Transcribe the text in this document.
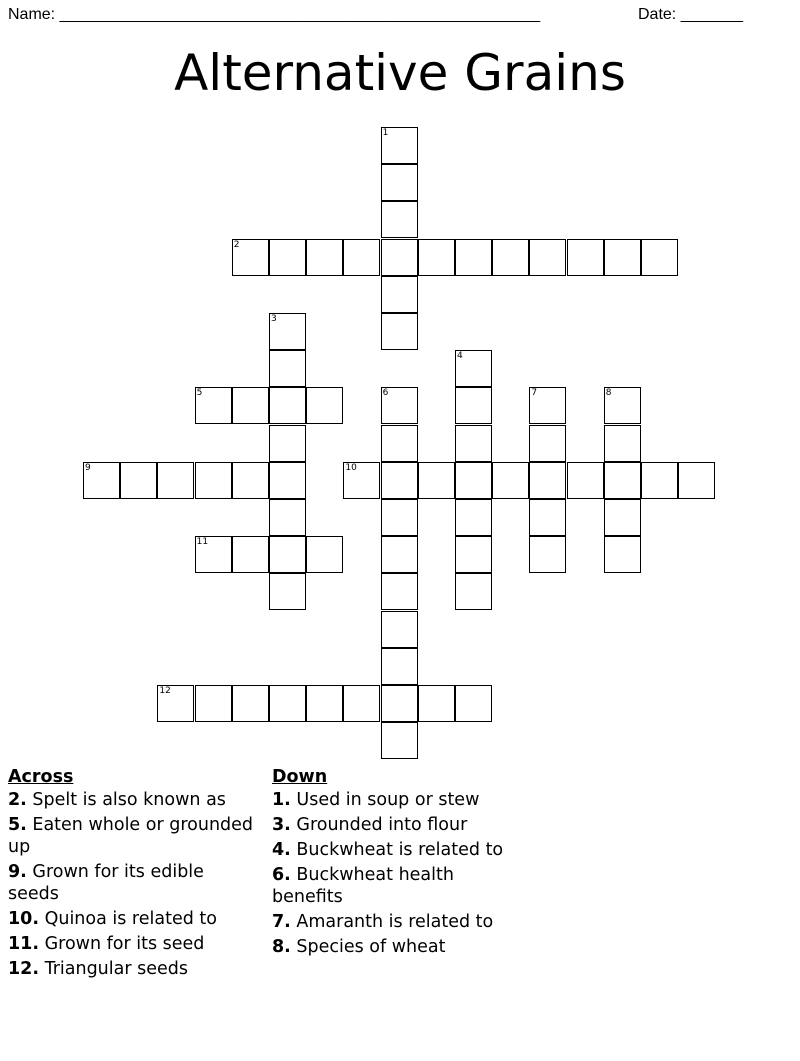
Name: ______________________________________________________	Date: _______
Alternative Grains
1
2
3
4
5	6	7	8
9	10
11
12
Across
2. Spelt is also known as
5. Eaten whole or grounded up
9. Grown for its edible seeds
10. Quinoa is related to
11. Grown for its seed
12. Triangular seeds
Down
1. Used in soup or stew
3. Grounded into flour
4. Buckwheat is related to
6. Buckwheat health benefits
7. Amaranth is related to
8. Species of wheat
